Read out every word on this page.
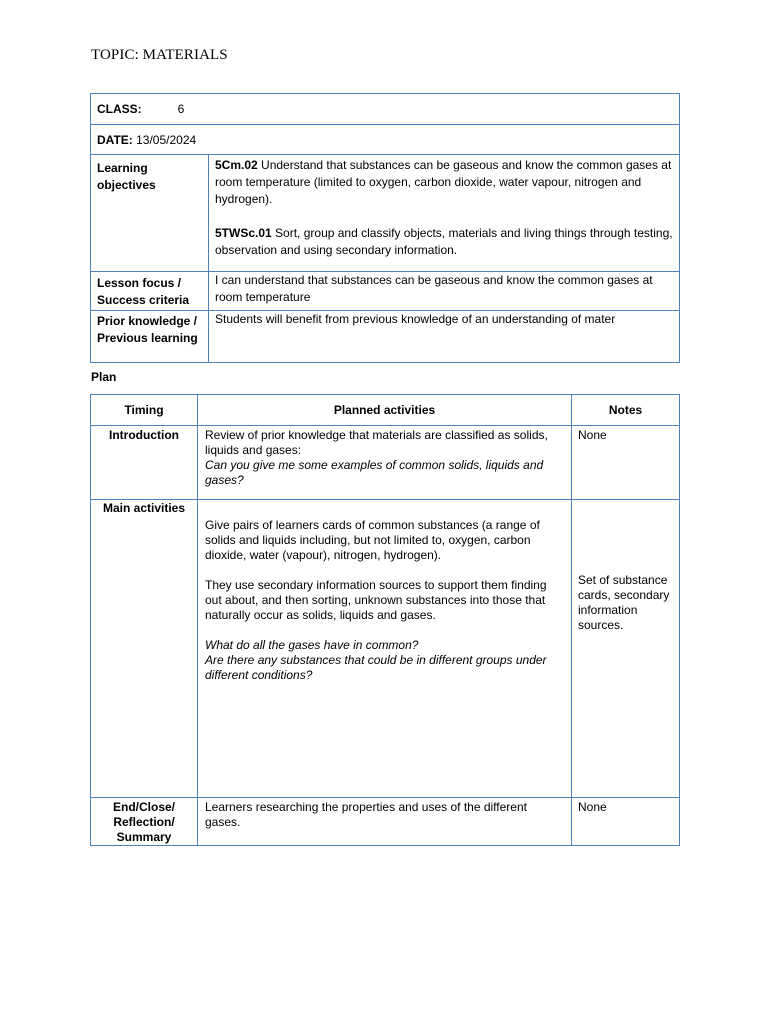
TOPIC: MATERIALS
CLASS: 6	
DATE: 13/05/2024	
Learning objectives	5Cm.02 Understand that substances can be gaseous and know the common gases at room temperature (limited to oxygen, carbon dioxide, water vapour, nitrogen and hydrogen).
5TWSc.01 Sort, group and classify objects, materials and living things through testing, observation and using secondary information.

Lesson focus / Success criteria	I can understand that substances can be gaseous and know the common gases at room temperature
Prior knowledge / Previous learning	Students will benefit from previous knowledge of an understanding of mater
Plan
Timing	Planned activities	Notes
Introduction	Review of prior knowledge that materials are classified as solids, liquids and gases:
Can you give me some examples of common solids, liquids and gases?	None
Main activities	Give pairs of learners cards of common substances (a range of solids and liquids including, but not limited to, oxygen, carbon dioxide, water (vapour), nitrogen, hydrogen).
They use secondary information sources to support them finding out about, and then sorting, unknown substances into those that naturally occur as solids, liquids and gases.
What do all the gases have in common?
Are there any substances that could be in different groups under different conditions?	Set of substance cards, secondary information sources.
End/Close/ Reflection/ Summary	Learners researching the properties and uses of the different gases.	None
